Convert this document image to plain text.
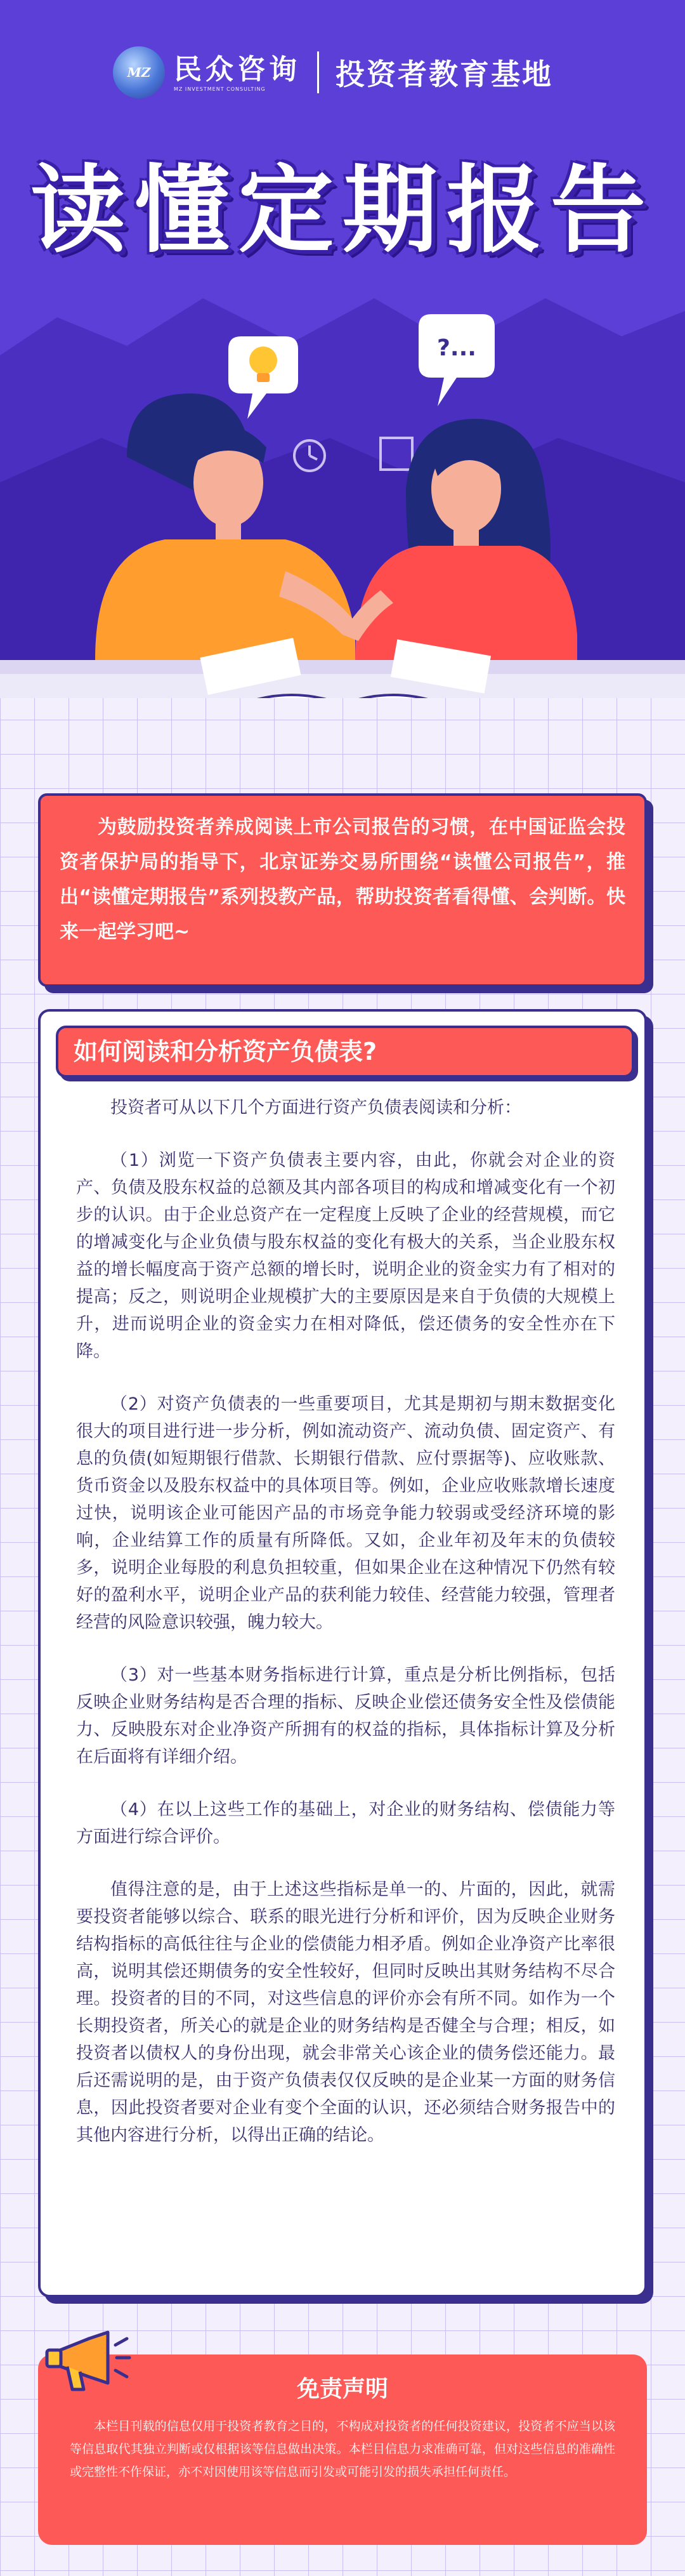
?...
MZ 民众咨询
MZ INVESTMENT CONSULTING	投资者教育基地
读懂定期报告

为鼓励投资者养成阅读上市公司报告的习惯，在中国证监会投资者保护局的指导下，北京证券交易所围绕“读懂公司报告”，推出“读懂定期报告”系列投教产品，帮助投资者看得懂、会判断。快来一起学习吧~

如何阅读和分析资产负债表?

投资者可从以下几个方面进行资产负债表阅读和分析：

（1）浏览一下资产负债表主要内容，由此，你就会对企业的资产、负债及股东权益的总额及其内部各项目的构成和增减变化有一个初步的认识。由于企业总资产在一定程度上反映了企业的经营规模，而它的增减变化与企业负债与股东权益的变化有极大的关系，当企业股东权益的增长幅度高于资产总额的增长时，说明企业的资金实力有了相对的提高；反之，则说明企业规模扩大的主要原因是来自于负债的大规模上升，进而说明企业的资金实力在相对降低，偿还债务的安全性亦在下降。

（2）对资产负债表的一些重要项目，尤其是期初与期末数据变化很大的项目进行进一步分析，例如流动资产、流动负债、固定资产、有息的负债(如短期银行借款、长期银行借款、应付票据等)、应收账款、货币资金以及股东权益中的具体项目等。例如，企业应收账款增长速度过快，说明该企业可能因产品的市场竞争能力较弱或受经济环境的影响，企业结算工作的质量有所降低。又如，企业年初及年末的负债较多，说明企业每股的利息负担较重，但如果企业在这种情况下仍然有较好的盈利水平，说明企业产品的获利能力较佳、经营能力较强，管理者经营的风险意识较强，魄力较大。

（3）对一些基本财务指标进行计算，重点是分析比例指标，包括反映企业财务结构是否合理的指标、反映企业偿还债务安全性及偿债能力、反映股东对企业净资产所拥有的权益的指标，具体指标计算及分析在后面将有详细介绍。

（4）在以上这些工作的基础上，对企业的财务结构、偿债能力等方面进行综合评价。

值得注意的是，由于上述这些指标是单一的、片面的，因此，就需要投资者能够以综合、联系的眼光进行分析和评价，因为反映企业财务结构指标的高低往往与企业的偿债能力相矛盾。例如企业净资产比率很高，说明其偿还期债务的安全性较好，但同时反映出其财务结构不尽合理。投资者的目的不同，对这些信息的评价亦会有所不同。如作为一个长期投资者，所关心的就是企业的财务结构是否健全与合理；相反，如投资者以债权人的身份出现，就会非常关心该企业的债务偿还能力。最后还需说明的是，由于资产负债表仅仅反映的是企业某一方面的财务信息，因此投资者要对企业有变个全面的认识，还必须结合财务报告中的其他内容进行分析，以得出正确的结论。

免责声明

本栏目刊载的信息仅用于投资者教育之目的，不构成对投资者的任何投资建议，投资者不应当以该等信息取代其独立判断或仅根据该等信息做出决策。本栏目信息力求准确可靠，但对这些信息的准确性或完整性不作保证，亦不对因使用该等信息而引发或可能引发的损失承担任何责任。
